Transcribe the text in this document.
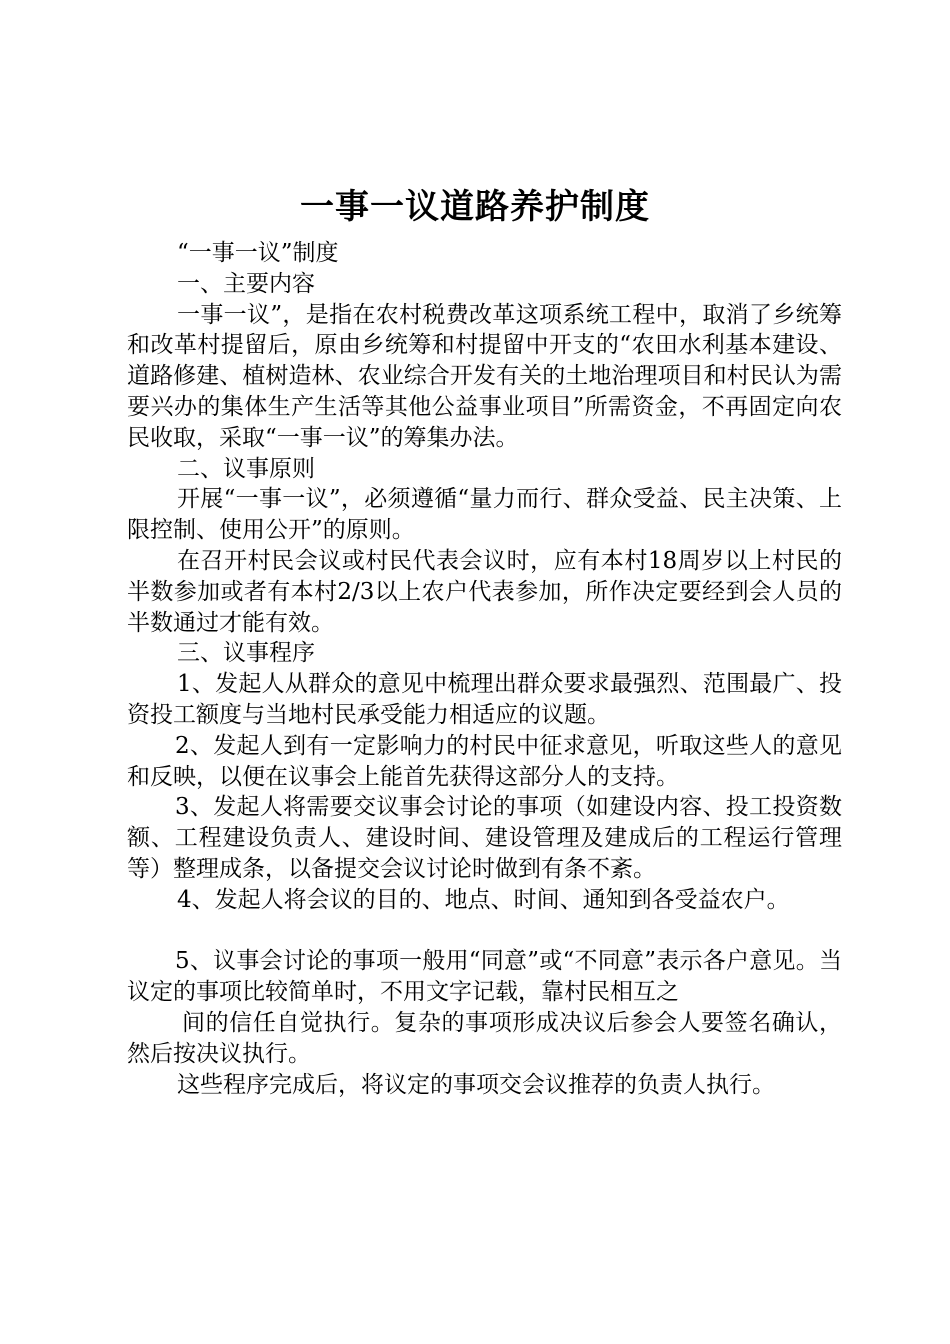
一事一议道路养护制度

“一事一议”制度

一、主要内容

一事一议”，是指在农村税费改革这项系统工程中，取消了乡统筹和改革村提留后，原由乡统筹和村提留中开支的“农田水利基本建设、道路修建、植树造林、农业综合开发有关的土地治理项目和村民认为需要兴办的集体生产生活等其他公益事业项目”所需资金，不再固定向农民收取，采取“一事一议”的筹集办法。

二、议事原则

开展“一事一议”，必须遵循“量力而行、群众受益、民主决策、上限控制、使用公开”的原则。

在召开村民会议或村民代表会议时，应有本村18周岁以上村民的半数参加或者有本村2/3以上农户代表参加，所作决定要经到会人员的半数通过才能有效。

三、议事程序

1、发起人从群众的意见中梳理出群众要求最强烈、范围最广、投资投工额度与当地村民承受能力相适应的议题。

2、发起人到有一定影响力的村民中征求意见，听取这些人的意见和反映，以便在议事会上能首先获得这部分人的支持。

3、发起人将需要交议事会讨论的事项（如建设内容、投工投资数额、工程建设负责人、建设时间、建设管理及建成后的工程运行管理等）整理成条，以备提交会议讨论时做到有条不紊。

4、发起人将会议的目的、地点、时间、通知到各受益农户。

5、议事会讨论的事项一般用“同意”或“不同意”表示各户意见。当议定的事项比较简单时，不用文字记载，靠村民相互之

间的信任自觉执行。复杂的事项形成决议后参会人要签名确认，然后按决议执行。

这些程序完成后，将议定的事项交会议推荐的负责人执行。
